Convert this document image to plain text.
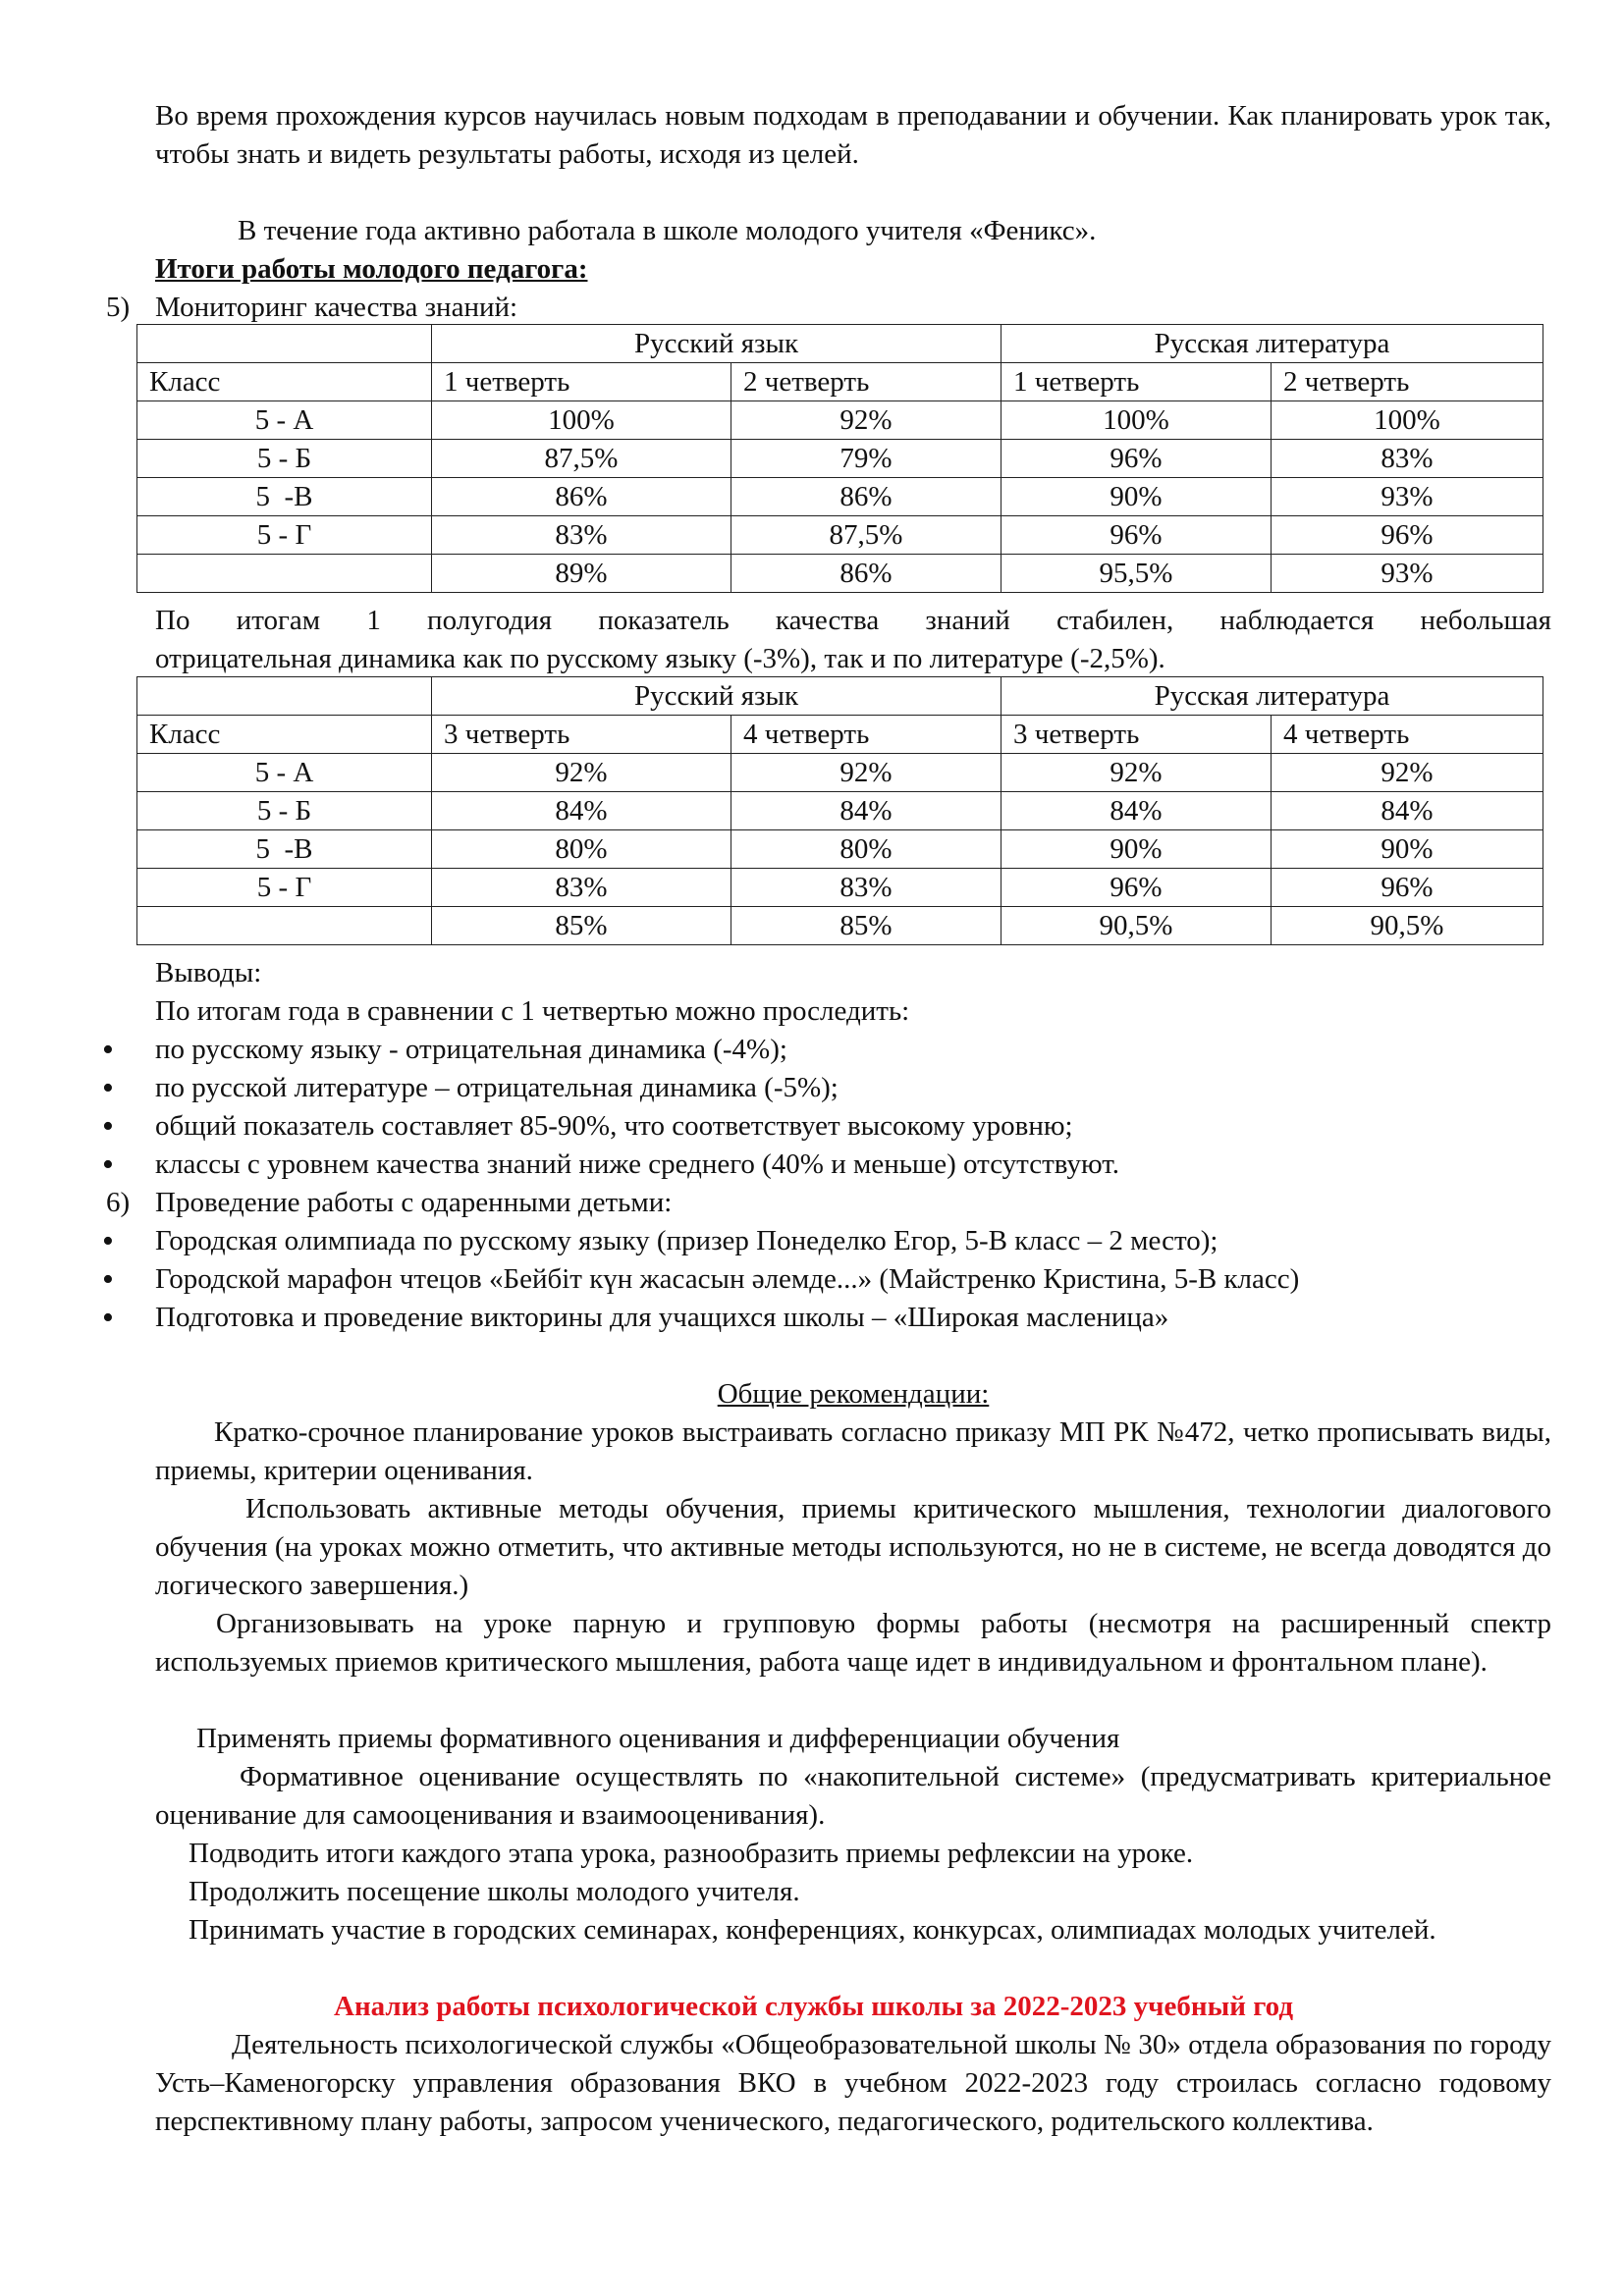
Во время прохождения курсов научилась новым подходам в преподавании и обучении. Как планировать урок так, чтобы знать и видеть результаты работы, исходя из целей.

В течение года активно работала в школе молодого учителя «Феникс».

Итоги работы молодого педагога:

5) Мониторинг качества знаний:

	Русский язык		Русская литература	
Класс	1 четверть	2 четверть	1 четверть	2 четверть
5 - А	100%	92%	100%	100%
5 - Б	87,5%	79%	96%	83%
5  -В	86%	86%	90%	93%
5 - Г	83%	87,5%	96%	96%
	89%	86%	95,5%	93%

По итогам 1 полугодия показатель качества знаний стабилен, наблюдается небольшая

отрицательная динамика как по русскому языку (-3%), так и по литературе (-2,5%).

	Русский язык		Русская литература	
Класс	3 четверть	4 четверть	3 четверть	4 четверть
5 - А	92%	92%	92%	92%
5 - Б	84%	84%	84%	84%
5  -В	80%	80%	90%	90%
5 - Г	83%	83%	96%	96%
	85%	85%	90,5%	90,5%

Выводы:

По итогам года в сравнении с 1 четвертью можно проследить:

• по русскому языку - отрицательная динамика (-4%);

• по русской литературе – отрицательная динамика (-5%);

• общий показатель составляет 85-90%, что соответствует высокому уровню;

• классы с уровнем качества знаний ниже среднего (40% и меньше) отсутствуют.

6) Проведение работы с одаренными детьми:

• Городская олимпиада по русскому языку (призер Понеделко Егор, 5-В класс – 2 место);

• Городской марафон чтецов «Бейбіт күн жасасын әлемде...» (Майстренко Кристина, 5-В класс)

• Подготовка и проведение викторины для учащихся школы – «Широкая масленица»

Общие рекомендации:

Кратко-срочное планирование уроков выстраивать согласно приказу МП РК №472, четко прописывать виды, приемы, критерии оценивания.

Использовать активные методы обучения, приемы критического мышления, технологии диалогового обучения (на уроках можно отметить, что активные методы используются, но не в системе, не всегда доводятся до логического завершения.)

Организовывать на уроке парную и групповую формы работы (несмотря на расширенный спектр используемых приемов критического мышления, работа чаще идет в индивидуальном и фронтальном плане).

Применять приемы формативного оценивания и дифференциации обучения

Формативное оценивание осуществлять по «накопительной системе» (предусматривать критериальное оценивание для самооценивания и взаимооценивания).

Подводить итоги каждого этапа урока, разнообразить приемы рефлексии на уроке.

Продолжить посещение школы молодого учителя.

Принимать участие в городских семинарах, конференциях, конкурсах, олимпиадах молодых учителей.

Анализ работы психологической службы школы за 2022-2023 учебный год

Деятельность психологической службы «Общеобразовательной школы № 30» отдела образования по городу Усть–Каменогорску управления образования ВКО в учебном 2022-2023 году строилась согласно годовому перспективному плану работы, запросом ученического, педагогического, родительского коллектива.
